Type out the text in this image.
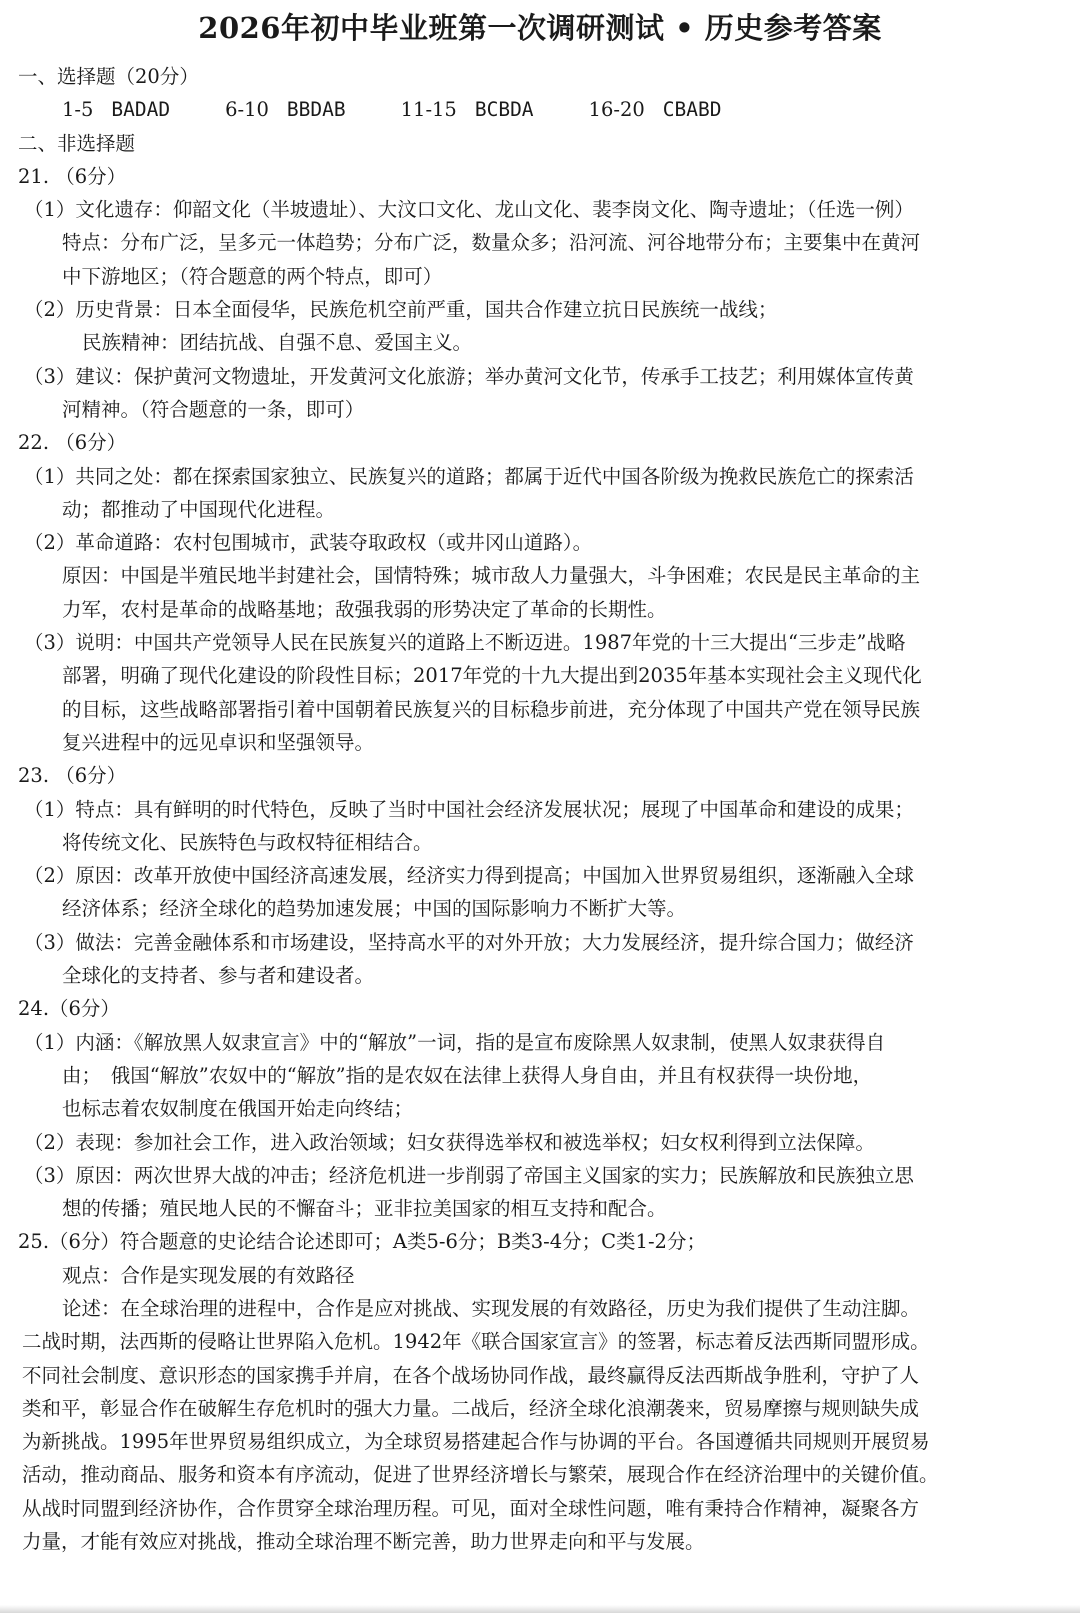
2026年初中毕业班第一次调研测试 • 历史参考答案
一、选择题（20分）
1-5 BADAD	6-10 BBDAB	11-15 BCBDA	16-20 CBABD
二、非选择题
21. （6分）
（1）文化遗存：仰韶文化（半坡遗址）、大汶口文化、龙山文化、裴李岗文化、陶寺遗址；（任选一例）
特点：分布广泛，呈多元一体趋势；分布广泛，数量众多；沿河流、河谷地带分布；主要集中在黄河
中下游地区；（符合题意的两个特点，即可）
（2）历史背景：日本全面侵华，民族危机空前严重，国共合作建立抗日民族统一战线；
民族精神：团结抗战、自强不息、爱国主义。
（3）建议：保护黄河文物遗址，开发黄河文化旅游；举办黄河文化节，传承手工技艺；利用媒体宣传黄
河精神。（符合题意的一条，即可）
22. （6分）
（1）共同之处：都在探索国家独立、民族复兴的道路；都属于近代中国各阶级为挽救民族危亡的探索活
动；都推动了中国现代化进程。
（2）革命道路：农村包围城市，武装夺取政权（或井冈山道路）。
原因：中国是半殖民地半封建社会，国情特殊；城市敌人力量强大，斗争困难；农民是民主革命的主
力军，农村是革命的战略基地；敌强我弱的形势决定了革命的长期性。
（3）说明：中国共产党领导人民在民族复兴的道路上不断迈进。1987年党的十三大提出“三步走”战略
部署，明确了现代化建设的阶段性目标；2017年党的十九大提出到2035年基本实现社会主义现代化
的目标，这些战略部署指引着中国朝着民族复兴的目标稳步前进，充分体现了中国共产党在领导民族
复兴进程中的远见卓识和坚强领导。
23. （6分）
（1）特点：具有鲜明的时代特色，反映了当时中国社会经济发展状况；展现了中国革命和建设的成果；
将传统文化、民族特色与政权特征相结合。
（2）原因：改革开放使中国经济高速发展，经济实力得到提高；中国加入世界贸易组织，逐渐融入全球
经济体系；经济全球化的趋势加速发展；中国的国际影响力不断扩大等。
（3）做法：完善金融体系和市场建设，坚持高水平的对外开放；大力发展经济，提升综合国力；做经济
全球化的支持者、参与者和建设者。
24.（6分）
（1）内涵：《解放黑人奴隶宣言》中的“解放”一词，指的是宣布废除黑人奴隶制，使黑人奴隶获得自
由；　俄国“解放”农奴中的“解放”指的是农奴在法律上获得人身自由，并且有权获得一块份地，
也标志着农奴制度在俄国开始走向终结；
（2）表现：参加社会工作，进入政治领域；妇女获得选举权和被选举权；妇女权利得到立法保障。
（3）原因：两次世界大战的冲击；经济危机进一步削弱了帝国主义国家的实力；民族解放和民族独立思
想的传播；殖民地人民的不懈奋斗；亚非拉美国家的相互支持和配合。
25.（6分）符合题意的史论结合论述即可；A类5-6分；B类3-4分；C类1-2分；
观点：合作是实现发展的有效路径
论述：在全球治理的进程中，合作是应对挑战、实现发展的有效路径，历史为我们提供了生动注脚。
二战时期，法西斯的侵略让世界陷入危机。1942年《联合国家宣言》的签署，标志着反法西斯同盟形成。
不同社会制度、意识形态的国家携手并肩，在各个战场协同作战，最终赢得反法西斯战争胜利，守护了人
类和平，彰显合作在破解生存危机时的强大力量。二战后，经济全球化浪潮袭来，贸易摩擦与规则缺失成
为新挑战。1995年世界贸易组织成立，为全球贸易搭建起合作与协调的平台。各国遵循共同规则开展贸易
活动，推动商品、服务和资本有序流动，促进了世界经济增长与繁荣，展现合作在经济治理中的关键价值。
从战时同盟到经济协作，合作贯穿全球治理历程。可见，面对全球性问题，唯有秉持合作精神，凝聚各方
力量，才能有效应对挑战，推动全球治理不断完善，助力世界走向和平与发展。
